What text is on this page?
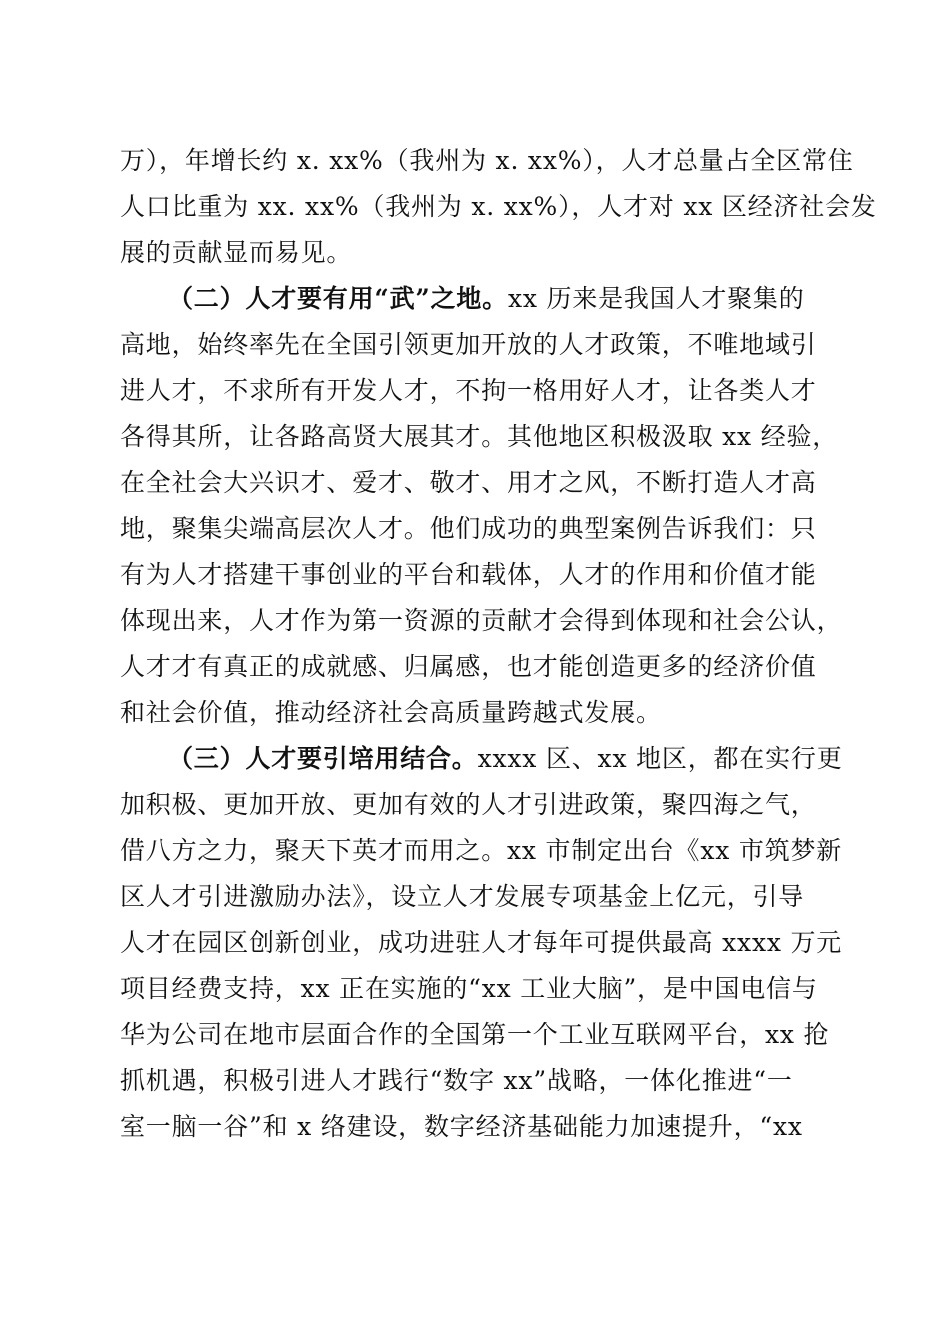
万），年增长约 x. xx%（我州为 x. xx%），人才总量占全区常住
人口比重为 xx. xx%（我州为 x. xx%），人才对 xx 区经济社会发
展的贡献显而易见。
（二）人才要有用“武”之地。xx 历来是我国人才聚集的
高地，始终率先在全国引领更加开放的人才政策，不唯地域引
进人才，不求所有开发人才，不拘一格用好人才，让各类人才
各得其所，让各路高贤大展其才。其他地区积极汲取 xx 经验，
在全社会大兴识才、爱才、敬才、用才之风，不断打造人才高
地，聚集尖端高层次人才。他们成功的典型案例告诉我们：只
有为人才搭建干事创业的平台和载体，人才的作用和价值才能
体现出来，人才作为第一资源的贡献才会得到体现和社会公认，
人才才有真正的成就感、归属感，也才能创造更多的经济价值
和社会价值，推动经济社会高质量跨越式发展。
（三）人才要引培用结合。xxxx 区、xx 地区，都在实行更
加积极、更加开放、更加有效的人才引进政策，聚四海之气，
借八方之力，聚天下英才而用之。xx 市制定出台《xx 市筑梦新
区人才引进激励办法》，设立人才发展专项基金上亿元，引导
人才在园区创新创业，成功进驻人才每年可提供最高 xxxx 万元
项目经费支持，xx 正在实施的“xx 工业大脑”，是中国电信与
华为公司在地市层面合作的全国第一个工业互联网平台，xx 抢
抓机遇，积极引进人才践行“数字 xx”战略，一体化推进“一
室一脑一谷”和 x 络建设，数字经济基础能力加速提升，“xx
